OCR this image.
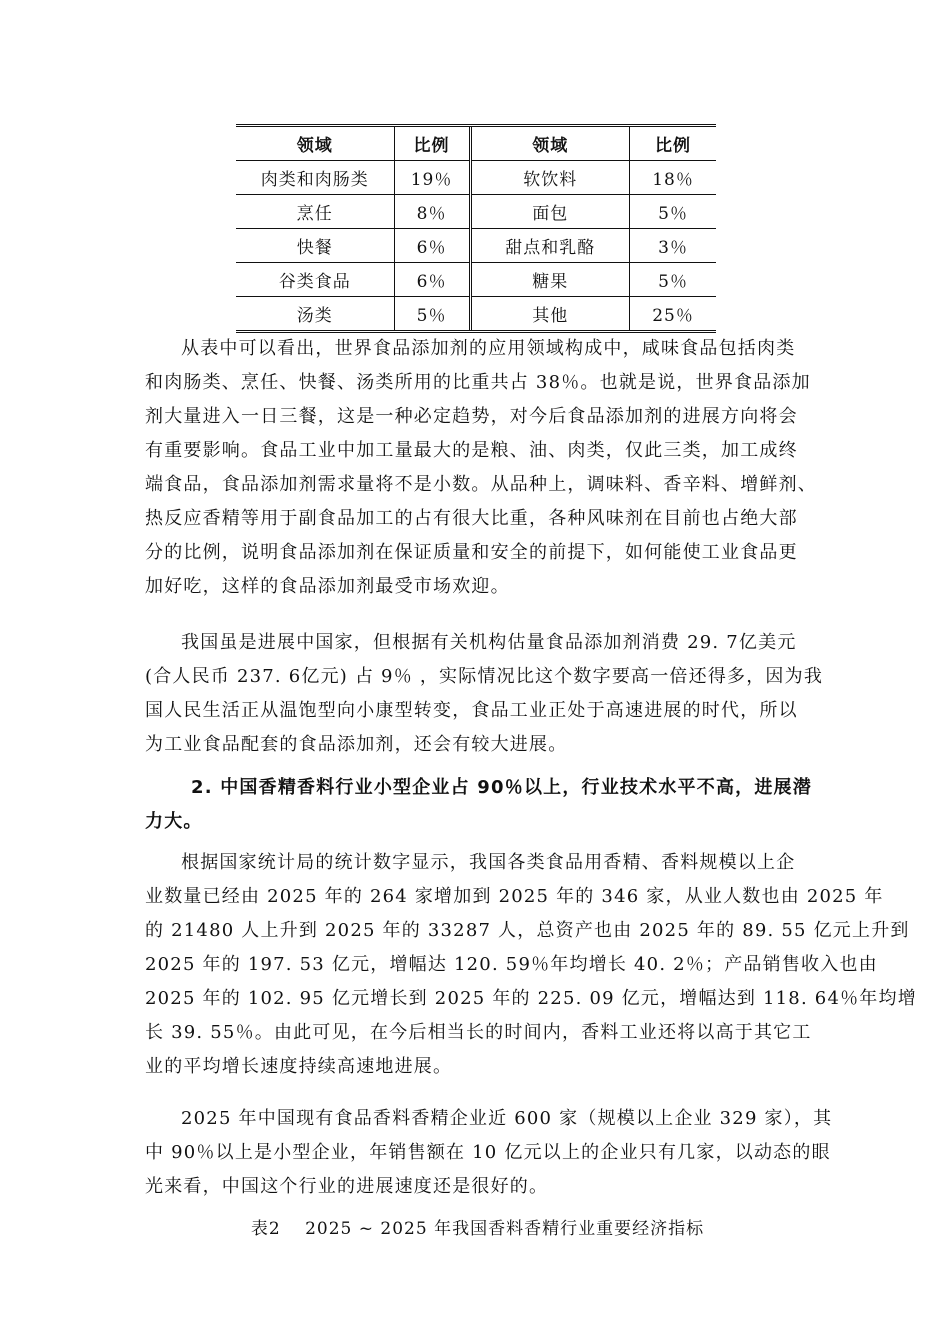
领域	比例	领域	比例
肉类和肉肠类	19％	软饮料	18％
烹任	8％	面包	5％
快餐	6％	甜点和乳酪	3％
谷类食品	6％	糖果	5％
汤类	5％	其他	25％

从表中可以看出，世界食品添加剂的应用领域构成中，咸味食品包括肉类
和肉肠类、烹任、快餐、汤类所用的比重共占 38％。也就是说，世界食品添加
剂大量进入一日三餐，这是一种必定趋势，对今后食品添加剂的进展方向将会
有重要影响。食品工业中加工量最大的是粮、油、肉类，仅此三类，加工成终
端食品，食品添加剂需求量将不是小数。从品种上，调味料、香辛料、增鲜剂、
热反应香精等用于副食品加工的占有很大比重，各种风味剂在目前也占绝大部
分的比例，说明食品添加剂在保证质量和安全的前提下，如何能使工业食品更
加好吃，这样的食品添加剂最受市场欢迎。

我国虽是进展中国家，但根据有关机构估量食品添加剂消费 29. 7亿美元
(合人民币 237. 6亿元) 占 9％ ，实际情况比这个数字要高一倍还得多，因为我
国人民生活正从温饱型向小康型转变，食品工业正处于高速进展的时代，所以
为工业食品配套的食品添加剂，还会有较大进展。

2. 中国香精香料行业小型企业占 90％以上，行业技术水平不高，进展潜
力大。

根据国家统计局的统计数字显示，我国各类食品用香精、香料规模以上企
业数量已经由 2025 年的 264 家增加到 2025 年的 346 家，从业人数也由 2025 年
的 21480 人上升到 2025 年的 33287 人，总资产也由 2025 年的 89. 55 亿元上升到
2025 年的 197. 53 亿元，增幅达 120. 59％年均增长 40. 2％；产品销售收入也由
2025 年的 102. 95 亿元增长到 2025 年的 225. 09 亿元，增幅达到 118. 64％年均增
长 39. 55％。由此可见，在今后相当长的时间内，香料工业还将以高于其它工
业的平均增长速度持续高速地进展。

2025 年中国现有食品香料香精企业近 600 家（规模以上企业 329 家），其
中 90％以上是小型企业，年销售额在 10 亿元以上的企业只有几家，以动态的眼
光来看，中国这个行业的进展速度还是很好的。

表2　 2025 ~ 2025 年我国香料香精行业重要经济指标
